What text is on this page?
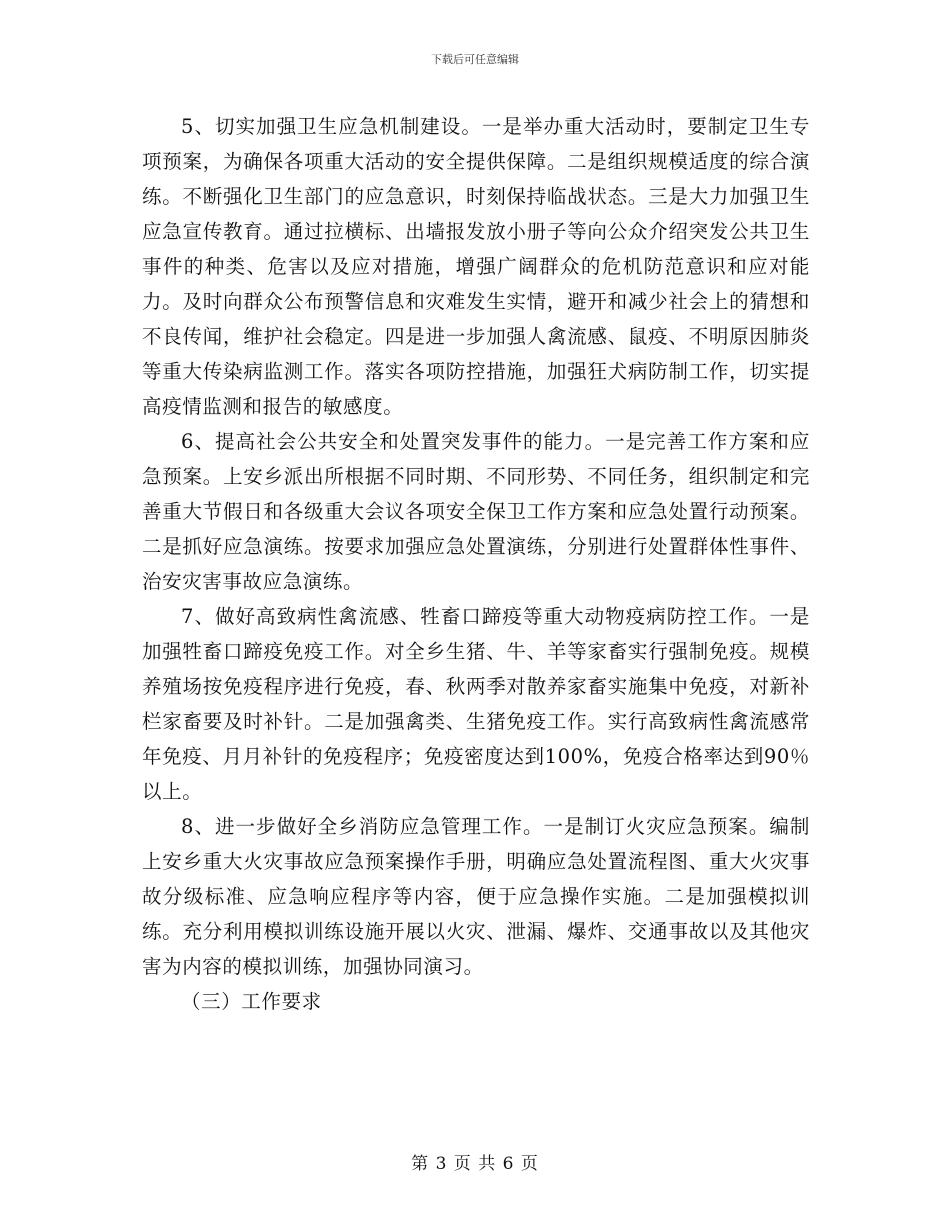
下载后可任意编辑

5、切实加强卫生应急机制建设。一是举办重大活动时，要制定卫生专项预案，为确保各项重大活动的安全提供保障。二是组织规模适度的综合演练。不断强化卫生部门的应急意识，时刻保持临战状态。三是大力加强卫生应急宣传教育。通过拉横标、出墙报发放小册子等向公众介绍突发公共卫生事件的种类、危害以及应对措施，增强广阔群众的危机防范意识和应对能力。及时向群众公布预警信息和灾难发生实情，避开和减少社会上的猜想和不良传闻，维护社会稳定。四是进一步加强人禽流感、鼠疫、不明原因肺炎等重大传染病监测工作。落实各项防控措施，加强狂犬病防制工作，切实提高疫情监测和报告的敏感度。

6、提高社会公共安全和处置突发事件的能力。一是完善工作方案和应急预案。上安乡派出所根据不同时期、不同形势、不同任务，组织制定和完善重大节假日和各级重大会议各项安全保卫工作方案和应急处置行动预案。二是抓好应急演练。按要求加强应急处置演练，分别进行处置群体性事件、治安灾害事故应急演练。

7、做好高致病性禽流感、牲畜口蹄疫等重大动物疫病防控工作。一是加强牲畜口蹄疫免疫工作。对全乡生猪、牛、羊等家畜实行强制免疫。规模养殖场按免疫程序进行免疫，春、秋两季对散养家畜实施集中免疫，对新补栏家畜要及时补针。二是加强禽类、生猪免疫工作。实行高致病性禽流感常年免疫、月月补针的免疫程序；免疫密度达到100%，免疫合格率达到90％以上。

8、进一步做好全乡消防应急管理工作。一是制订火灾应急预案。编制上安乡重大火灾事故应急预案操作手册，明确应急处置流程图、重大火灾事故分级标准、应急响应程序等内容，便于应急操作实施。二是加强模拟训练。充分利用模拟训练设施开展以火灾、泄漏、爆炸、交通事故以及其他灾害为内容的模拟训练，加强协同演习。

（三）工作要求

第 3 页 共 6 页
